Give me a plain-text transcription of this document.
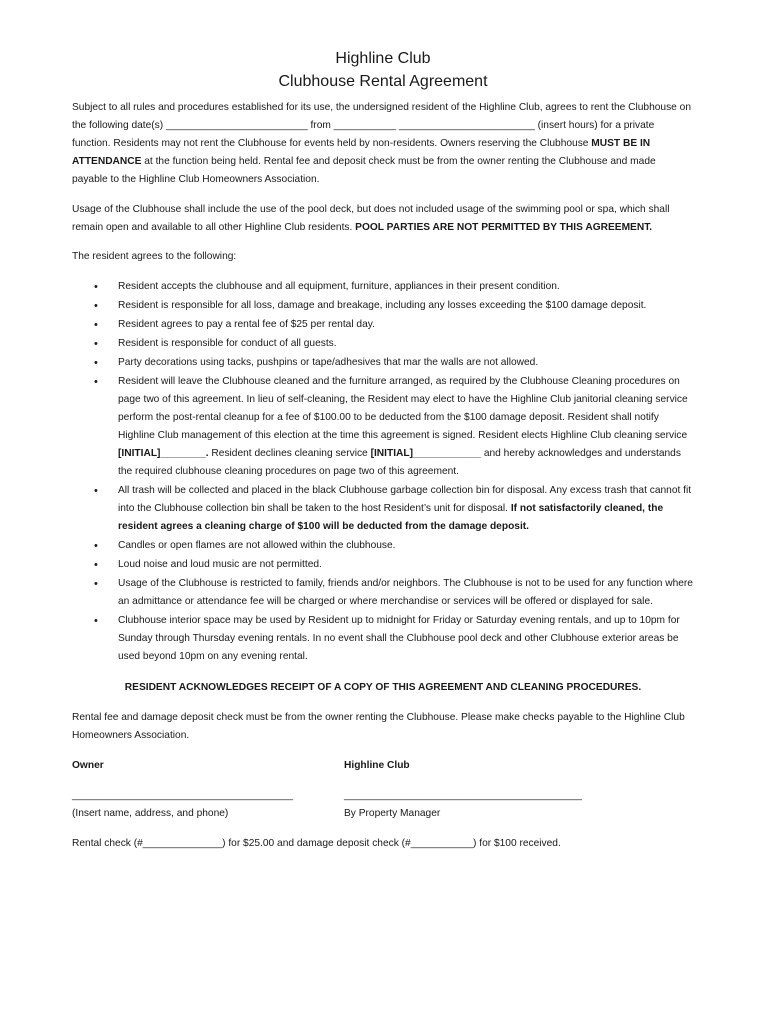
Highline Club
Clubhouse Rental Agreement

Subject to all rules and procedures established for its use, the undersigned resident of the Highline Club, agrees to rent the Clubhouse on the following date(s) _________________________ from ___________ ________________________ (insert hours) for a private function. Residents may not rent the Clubhouse for events held by non-residents. Owners reserving the Clubhouse MUST BE IN ATTENDANCE at the function being held. Rental fee and deposit check must be from the owner renting the Clubhouse and made payable to the Highline Club Homeowners Association.

Usage of the Clubhouse shall include the use of the pool deck, but does not included usage of the swimming pool or spa, which shall remain open and available to all other Highline Club residents. POOL PARTIES ARE NOT PERMITTED BY THIS AGREEMENT.

The resident agrees to the following:

• Resident accepts the clubhouse and all equipment, furniture, appliances in their present condition.
• Resident is responsible for all loss, damage and breakage, including any losses exceeding the $100 damage deposit.
• Resident agrees to pay a rental fee of $25 per rental day.
• Resident is responsible for conduct of all guests.
• Party decorations using tacks, pushpins or tape/adhesives that mar the walls are not allowed.
• Resident will leave the Clubhouse cleaned and the furniture arranged, as required by the Clubhouse Cleaning procedures on page two of this agreement. In lieu of self-cleaning, the Resident may elect to have the Highline Club janitorial cleaning service perform the post-rental cleanup for a fee of $100.00 to be deducted from the $100 damage deposit. Resident shall notify Highline Club management of this election at the time this agreement is signed. Resident elects Highline Club cleaning service [INITIAL]________. Resident declines cleaning service [INITIAL]____________ and hereby acknowledges and understands the required clubhouse cleaning procedures on page two of this agreement.
• All trash will be collected and placed in the black Clubhouse garbage collection bin for disposal. Any excess trash that cannot fit into the Clubhouse collection bin shall be taken to the host Resident’s unit for disposal. If not satisfactorily cleaned, the resident agrees a cleaning charge of $100 will be deducted from the damage deposit.
• Candles or open flames are not allowed within the clubhouse.
• Loud noise and loud music are not permitted.
• Usage of the Clubhouse is restricted to family, friends and/or neighbors. The Clubhouse is not to be used for any function where an admittance or attendance fee will be charged or where merchandise or services will be offered or displayed for sale.
• Clubhouse interior space may be used by Resident up to midnight for Friday or Saturday evening rentals, and up to 10pm for Sunday through Thursday evening rentals. In no event shall the Clubhouse pool deck and other Clubhouse exterior areas be used beyond 10pm on any evening rental.

RESIDENT ACKNOWLEDGES RECEIPT OF A COPY OF THIS AGREEMENT AND CLEANING PROCEDURES.

Rental fee and damage deposit check must be from the owner renting the Clubhouse. Please make checks payable to the Highline Club Homeowners Association.

Owner	Highline Club
_______________________________________	__________________________________________
(Insert name, address, and phone)	By Property Manager

Rental check (#______________) for $25.00 and damage deposit check (#___________) for $100 received.
